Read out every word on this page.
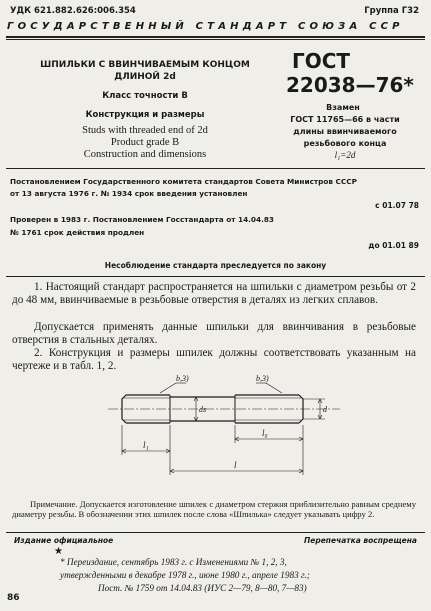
УДК 621.882.626:006.354	Группа Г32
ГОСУДАРСТВЕННЫЙ СТАНДАРТ СОЮЗА ССР
ШПИЛЬКИ С ВВИНЧИВАЕМЫМ КОНЦОМ
ДЛИНОЙ 2d
Класс точности В
Конструкция и размеры
Studs with threaded end of 2d
Product grade B
Construction and dimensions
ГОСТ
22038—76*
Взамен
ГОСТ 11765—66 в части
длины ввинчиваемого
резьбового конца
l₁=2d
Постановлением Государственного комитета стандартов Совета Министров СССР
от 13 августа 1976 г. № 1934 срок введения установлен
с 01.07 78
Проверен в 1983 г. Постановлением Госстандарта от 14.04.83
№ 1761 срок действия продлен
до 01.01 89
Несоблюдение стандарта преследуется по закону
1. Настоящий стандарт распространяется на шпильки с диаметром резьбы от 2 до 48 мм, ввинчиваемые в резьбовые отверстия в деталях из легких сплавов.
Допускается применять данные шпильки для ввинчивания в резьбовые отверстия в стальных деталях.
2. Конструкция и размеры шпилек должны соответствовать указанным на чертеже и в табл. 1, 2.
b,3)	b,3)
ds	d
l₀
l₁
l
Примечание. Допускается изготовление шпилек с диаметром стержня приблизительно равным среднему диаметру резьбы. В обозначении этих шпилек после слова «Шпилька» следует указывать цифру 2.
Издание официальное	Перепечатка воспрещена
★
* Переиздание, сентябрь 1983 г. с Изменениями № 1, 2, 3,
утвержденными в декабре 1978 г., июне 1980 г., апреле 1983 г.;
Пост. № 1759 от 14.04.83 (ИУС 2—79, 8—80, 7—83)
86
